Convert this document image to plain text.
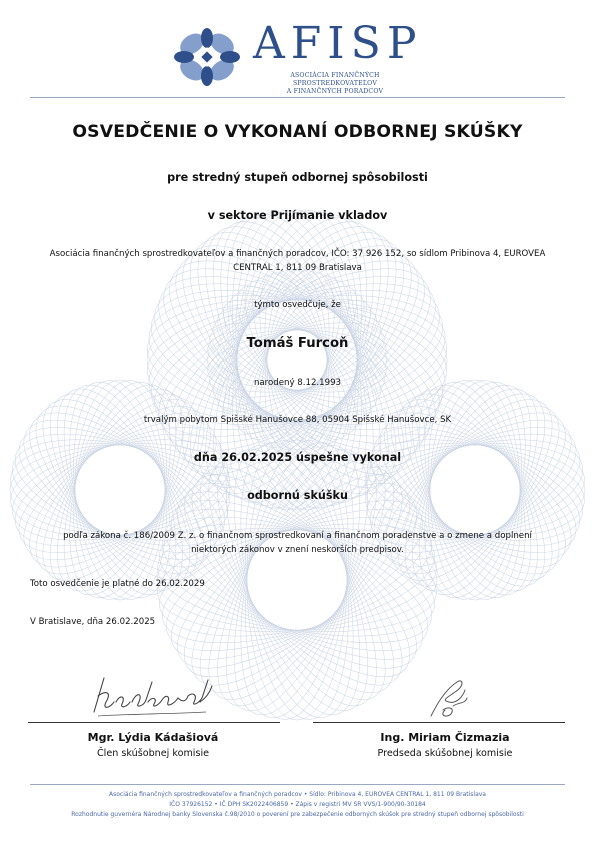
AFISP
ASOCIÁCIA FINANČNÝCH SPROSTREDKOVATEĽOV
A FINANČNÝCH PORADCOV
OSVEDČENIE O VYKONANÍ ODBORNEJ SKÚŠKY
pre stredný stupeň odbornej spôsobilosti
v sektore Prijímanie vkladov
Asociácia finančných sprostredkovateľov a finančných poradcov, IČO: 37 926 152, so sídlom Pribinova 4, EUROVEA
CENTRAL 1, 811 09 Bratislava
týmto osvedčuje, že
Tomáš Furcoň
narodený 8.12.1993
trvalým pobytom Spišské Hanušovce 88, 05904 Spišské Hanušovce, SK
dňa 26.02.2025 úspešne vykonal
odbornú skúšku
podľa zákona č. 186/2009 Z. z. o finančnom sprostredkovaní a finančnom poradenstve a o zmene a doplnení
niektorých zákonov v znení neskorších predpisov.
Toto osvedčenie je platné do 26.02.2029
V Bratislave, dňa 26.02.2025
Mgr. Lýdia Kádašiová
Člen skúšobnej komisie
Ing. Miriam Čizmazia
Predseda skúšobnej komisie
Asociácia finančných sprostredkovateľov a finančných poradcov • Sídlo: Pribinova 4, EUROVEA CENTRAL 1, 811 09 Bratislava
IČO 37926152 • IČ DPH SK2022406859 • Zápis v registri MV SR VVS/1-900/90-30184
Rozhodnutie guvernéra Národnej banky Slovenska č.98/2010 o poverení pre zabezpečenie odborných skúšok pre stredný stupeň odbornej spôsobilosti
